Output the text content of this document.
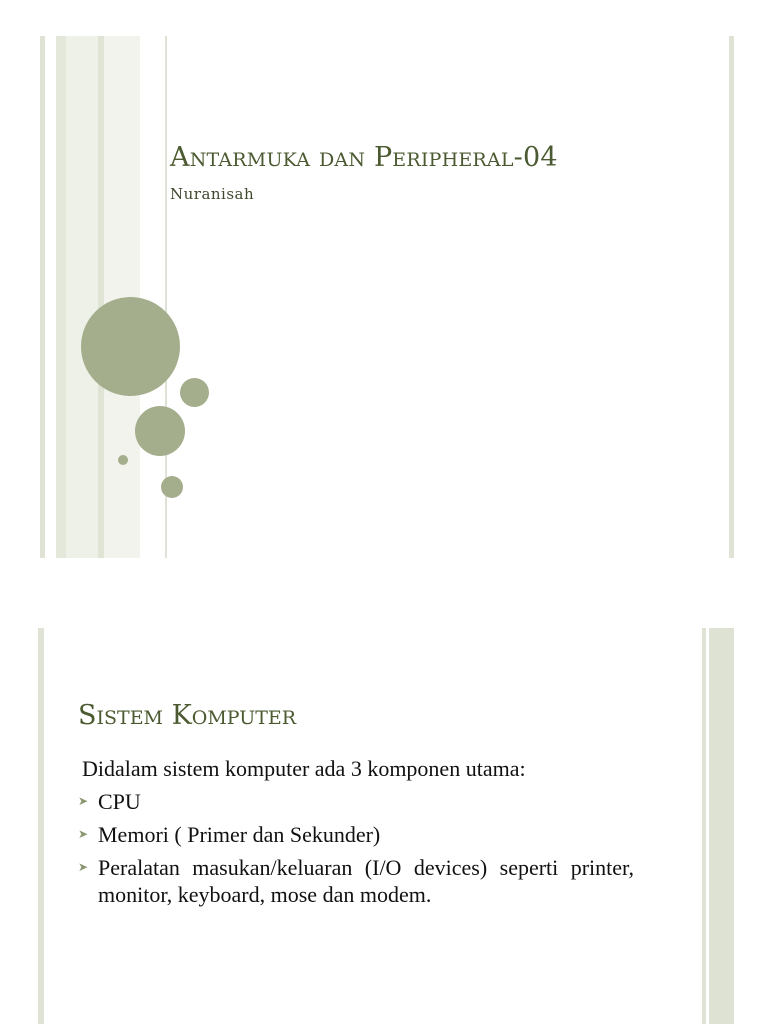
Antarmuka dan Peripheral-04

Nuranisah

Sistem Komputer

Didalam sistem komputer ada 3 komponen utama:

➤ CPU
➤ Memori ( Primer dan Sekunder)
➤ Peralatan masukan/keluaran (I/O devices) seperti printer, monitor, keyboard, mose dan modem.
